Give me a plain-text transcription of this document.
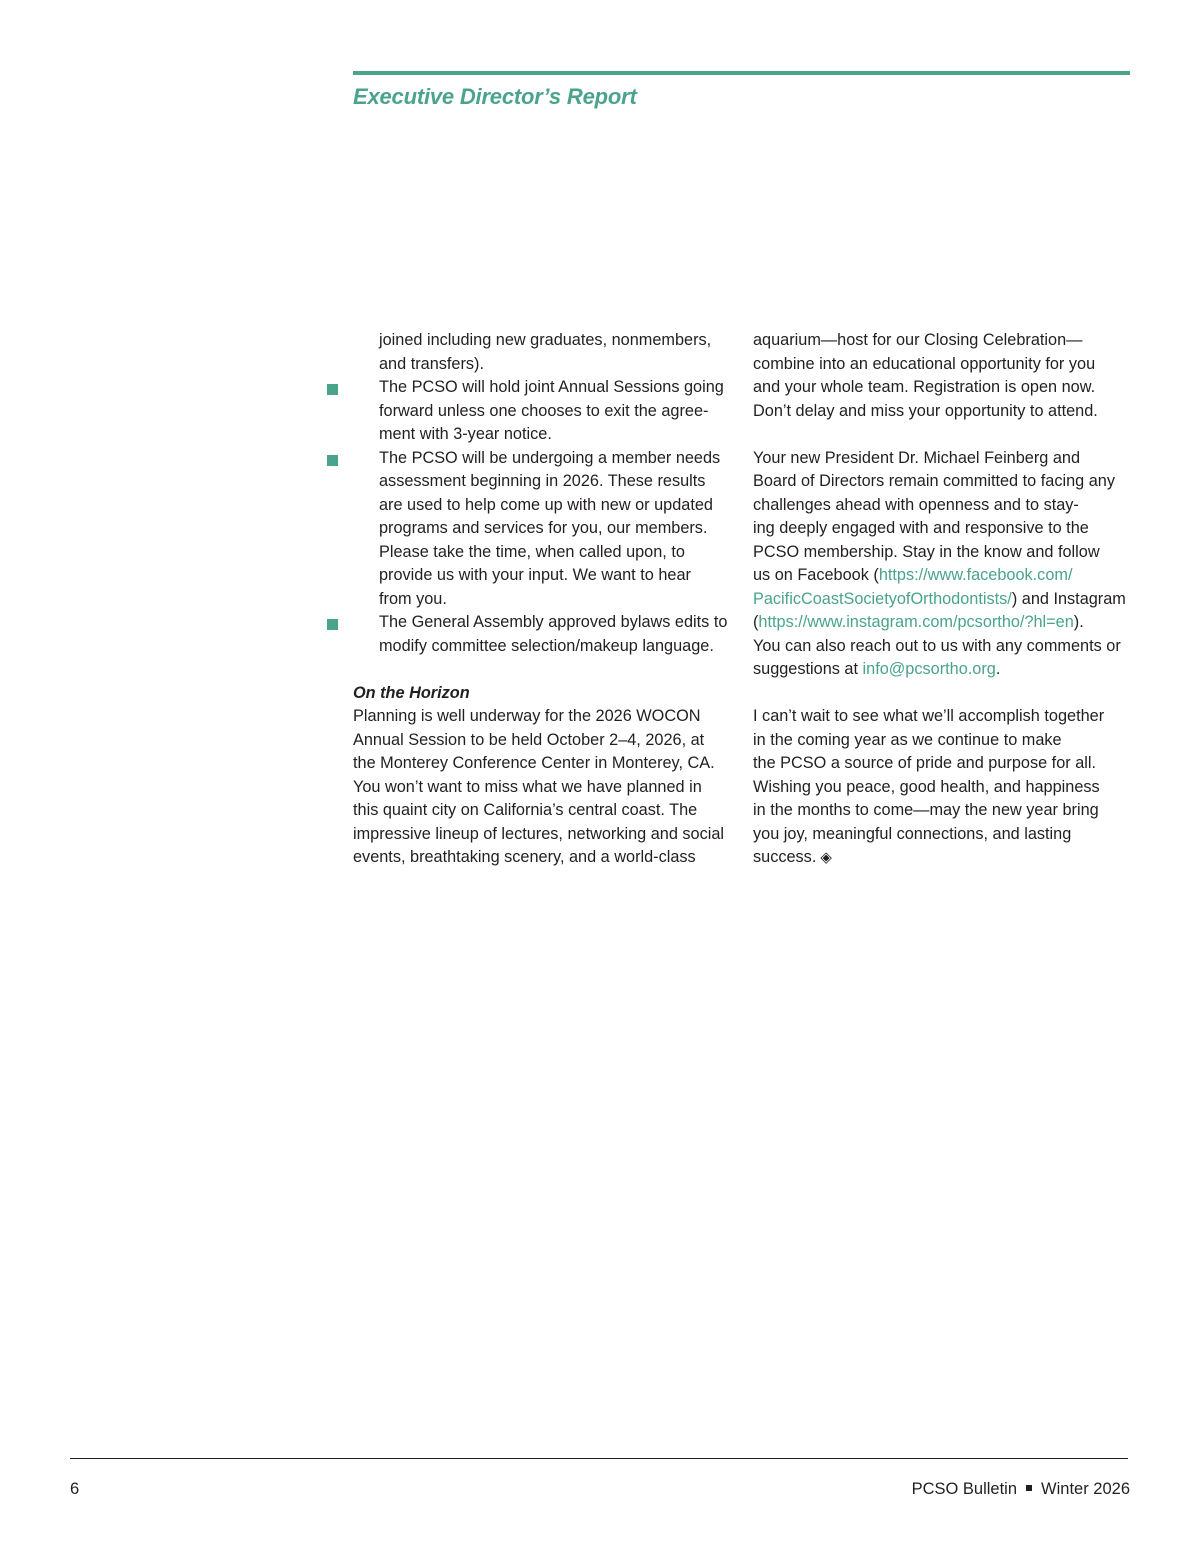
Executive Director’s Report

joined including new graduates, nonmembers,

and transfers).

The PCSO will hold joint Annual Sessions going

forward unless one chooses to exit the agree-

ment with 3-year notice.

The PCSO will be undergoing a member needs

assessment beginning in 2026. These results

are used to help come up with new or updated

programs and services for you, our members.

Please take the time, when called upon, to

provide us with your input. We want to hear

from you.

The General Assembly approved bylaws edits to

modify committee selection/makeup language.

On the Horizon

Planning is well underway for the 2026 WOCON

Annual Session to be held October 2–4, 2026, at

the Monterey Conference Center in Monterey, CA.

You won’t want to miss what we have planned in

this quaint city on California’s central coast. The

impressive lineup of lectures, networking and social

events, breathtaking scenery, and a world-class

aquarium—host for our Closing Celebration—

combine into an educational opportunity for you

and your whole team. Registration is open now.

Don’t delay and miss your opportunity to attend.

Your new President Dr. Michael Feinberg and

Board of Directors remain committed to facing any

challenges ahead with openness and to stay-

ing deeply engaged with and responsive to the

PCSO membership. Stay in the know and follow

us on Facebook (https://www.facebook.com/

PacificCoastSocietyofOrthodontists/) and Instagram

(https://www.instagram.com/pcsortho/?hl=en).

You can also reach out to us with any comments or

suggestions at info@pcsortho.org.

I can’t wait to see what we’ll accomplish together

in the coming year as we continue to make

the PCSO a source of pride and purpose for all.

Wishing you peace, good health, and happiness

in the months to come—may the new year bring

you joy, meaningful connections, and lasting

success. ◈

6	PCSO Bulletin Winter 2026
